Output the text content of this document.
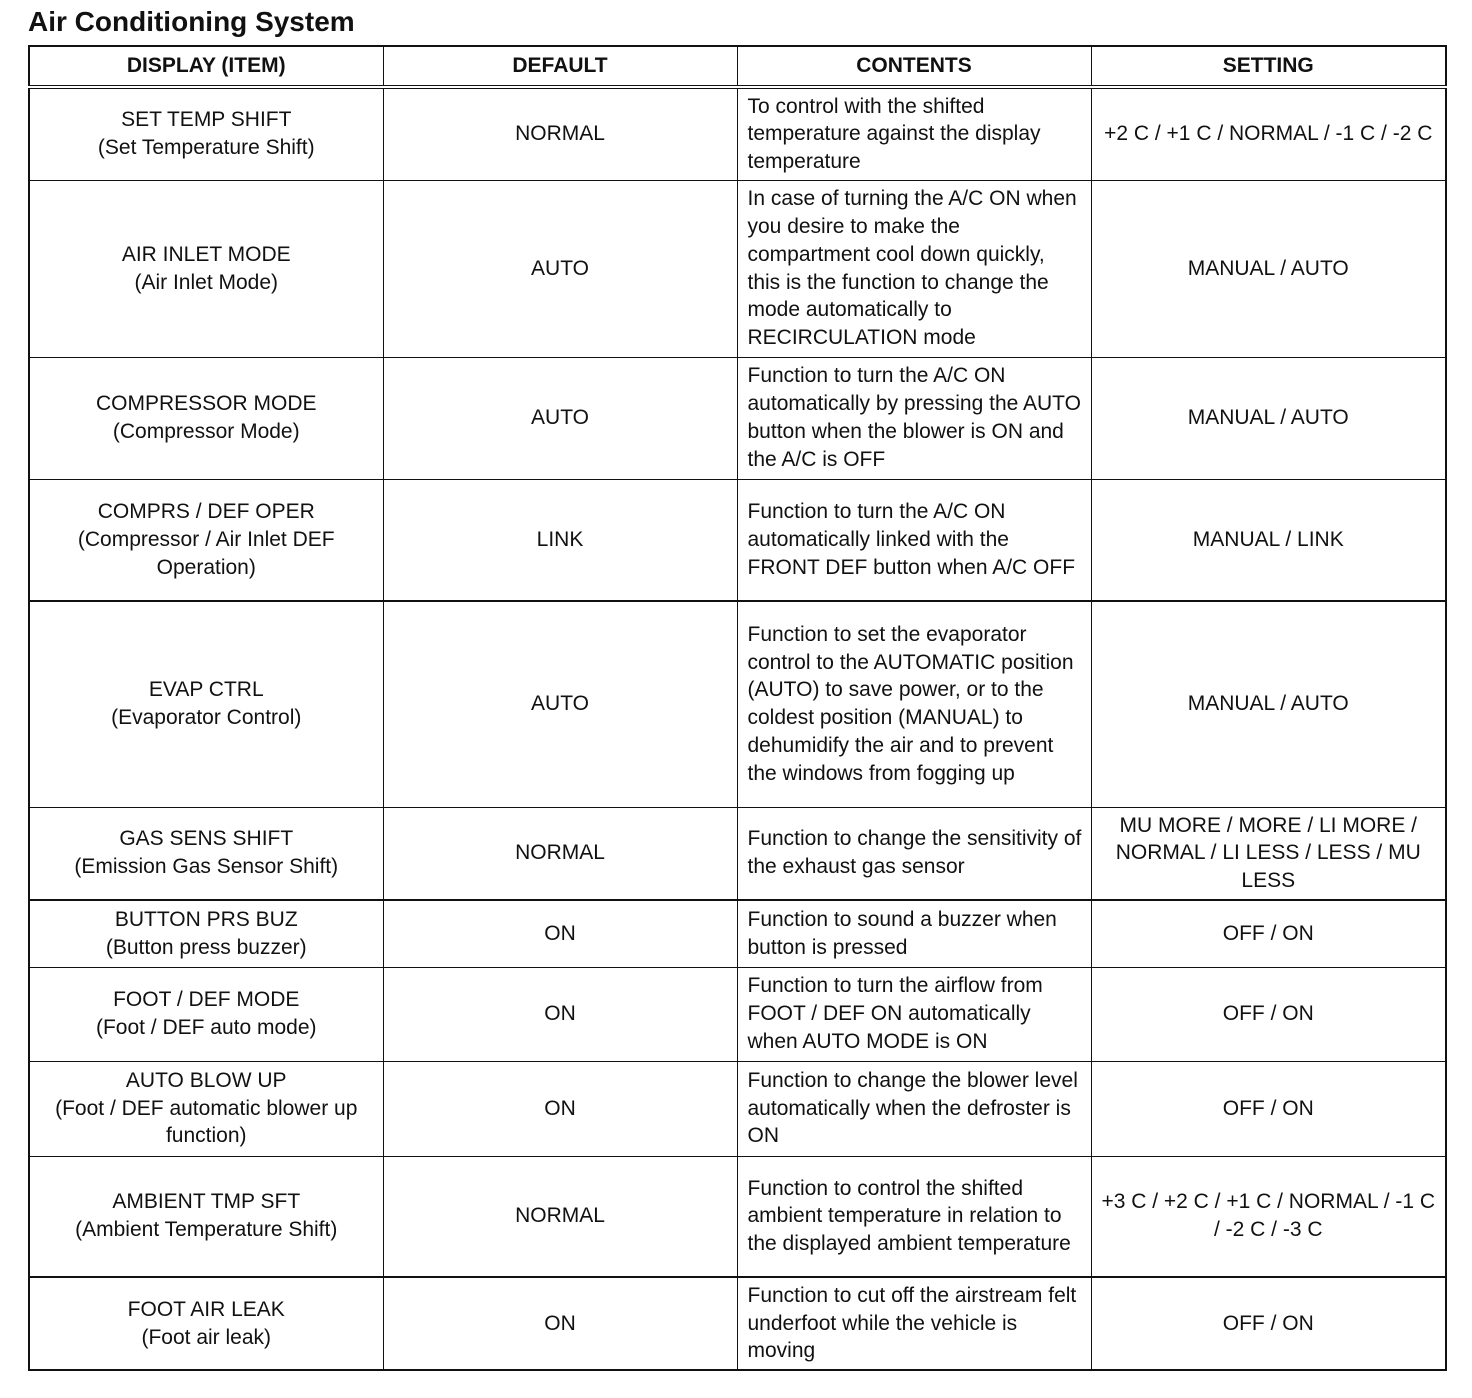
Air Conditioning System
DISPLAY (ITEM)	DEFAULT	CONTENTS	SETTING

SET TEMP SHIFT
(Set Temperature Shift)	NORMAL	To control with the shifted temperature against the display temperature	+2 C / +1 C / NORMAL / -1 C / -2 C

AIR INLET MODE
(Air Inlet Mode)	AUTO	In case of turning the A/C ON when you desire to make the compartment cool down quickly, this is the function to change the mode automatically to RECIRCULATION mode	MANUAL / AUTO

COMPRESSOR MODE
(Compressor Mode)	AUTO	Function to turn the A/C ON automatically by pressing the AUTO button when the blower is ON and the A/C is OFF	MANUAL / AUTO

COMPRS / DEF OPER
(Compressor / Air Inlet DEF Operation)	LINK	Function to turn the A/C ON automatically linked with the FRONT DEF button when A/C OFF	MANUAL / LINK

EVAP CTRL
(Evaporator Control)	AUTO	Function to set the evaporator control to the AUTOMATIC position (AUTO) to save power, or to the coldest position (MANUAL) to dehumidify the air and to prevent the windows from fogging up	MANUAL / AUTO

GAS SENS SHIFT
(Emission Gas Sensor Shift)	NORMAL	Function to change the sensitivity of the exhaust gas sensor	MU MORE / MORE / LI MORE / NORMAL / LI LESS / LESS / MU LESS

BUTTON PRS BUZ
(Button press buzzer)	ON	Function to sound a buzzer when button is pressed	OFF / ON

FOOT / DEF MODE
(Foot / DEF auto mode)	ON	Function to turn the airflow from FOOT / DEF ON automatically when AUTO MODE is ON	OFF / ON

AUTO BLOW UP
(Foot / DEF automatic blower up function)	ON	Function to change the blower level automatically when the defroster is ON	OFF / ON

AMBIENT TMP SFT
(Ambient Temperature Shift)	NORMAL	Function to control the shifted ambient temperature in relation to the displayed ambient temperature	+3 C / +2 C / +1 C / NORMAL / -1 C / -2 C / -3 C

FOOT AIR LEAK
(Foot air leak)	ON	Function to cut off the airstream felt underfoot while the vehicle is moving	OFF / ON
